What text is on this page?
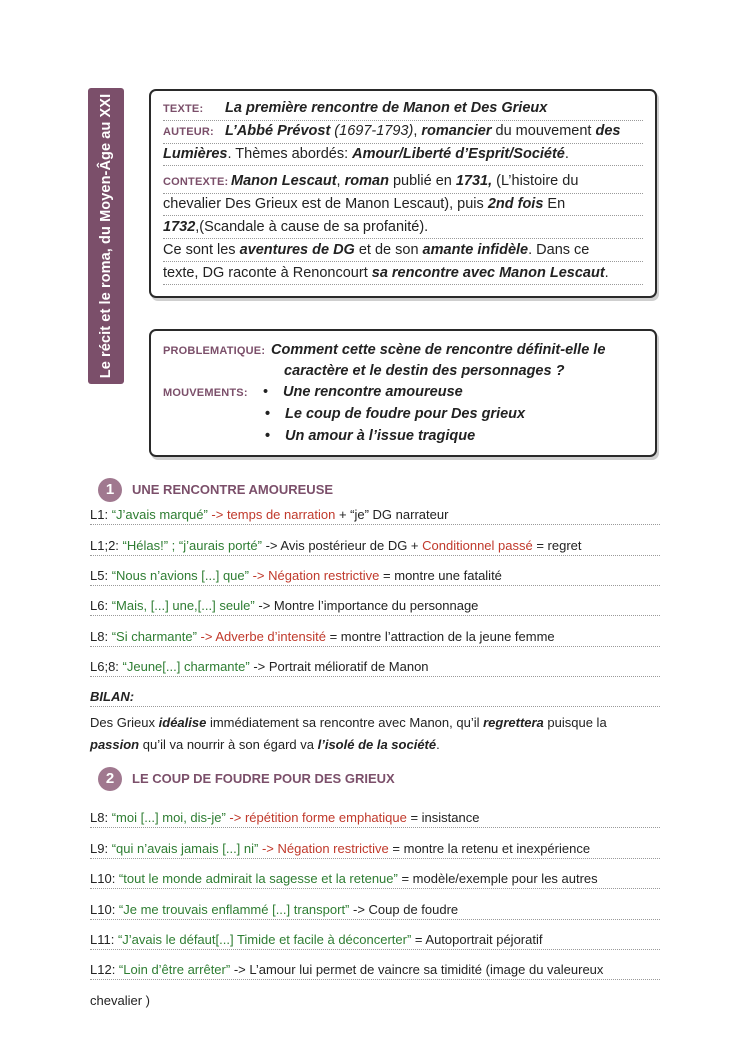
Le récit et le roma, du Moyen-Âge au XXI	TEXTE: La première rencontre de Manon et Des Grieux
AUTEUR: L’Abbé Prévost (1697-1793), romancier du mouvement des
Lumières. Thèmes abordés: Amour/Liberté d’Esprit/Société.
CONTEXTE: Manon Lescaut, roman publié en 1731, (L’histoire du
chevalier Des Grieux est de Manon Lescaut), puis 2nd fois En
1732,(Scandale à cause de sa profanité).
Ce sont les aventures de DG et de son amante infidèle. Dans ce
texte, DG raconte à Renoncourt sa rencontre avec Manon Lescaut.
PROBLEMATIQUE: Comment cette scène de rencontre définit-elle le
caractère et le destin des personnages ?
MOUVEMENTS: • Une rencontre amoureuse
• Le coup de foudre pour Des grieux
• Un amour à l’issue tragique
1	UNE RENCONTRE AMOUREUSE
L1: “J’avais marqué” -> temps de narration + “je” DG narrateur
L1;2: “Hélas!” ; “j’aurais porté” -> Avis postérieur de DG + Conditionnel passé = regret
L5: “Nous n’avions [...] que” -> Négation restrictive = montre une fatalité
L6: “Mais, [...] une,[...] seule” -> Montre l’importance du personnage
L8: “Si charmante” -> Adverbe d’intensité = montre l’attraction de la jeune femme
L6;8: “Jeune[...] charmante” -> Portrait mélioratif de Manon
BILAN:
Des Grieux idéalise immédiatement sa rencontre avec Manon, qu’il regrettera puisque la
passion qu’il va nourrir à son égard va l’isolé de la société.
2	LE COUP DE FOUDRE POUR DES GRIEUX
L8: “moi [...] moi, dis-je” -> répétition forme emphatique = insistance
L9: “qui n’avais jamais [...] ni” -> Négation restrictive = montre la retenu et inexpérience
L10: “tout le monde admirait la sagesse et la retenue” = modèle/exemple pour les autres
L10: “Je me trouvais enflammé [...] transport” -> Coup de foudre
L11: “J’avais le défaut[...] Timide et facile à déconcerter” = Autoportrait péjoratif
L12: “Loin d’être arrêter” -> L’amour lui permet de vaincre sa timidité (image du valeureux
chevalier )
